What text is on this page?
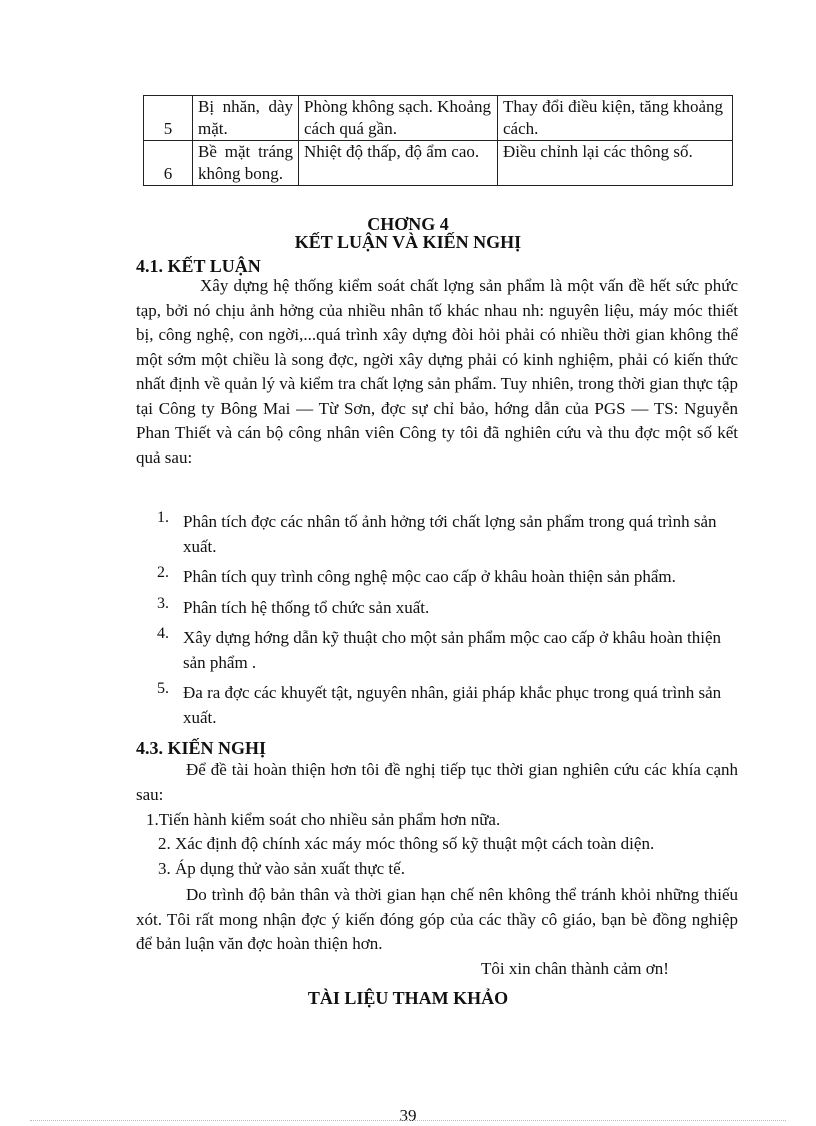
5	Bị nhăn, dày mặt.	Phòng không sạch. Khoảng cách quá gần.	Thay đổi điều kiện, tăng khoảng cách.
6	Bề mặt tráng không bong.	Nhiệt độ thấp, độ ẩm cao.	Điều chỉnh lại các thông số.
CHƠNG 4
KẾT LUẬN VÀ KIẾN NGHỊ
4.1. KẾT LUẬN

Xây dựng hệ thống kiểm soát chất lợng sản phẩm là một vấn đề hết sức phức tạp, bởi nó chịu ảnh hởng của nhiều nhân tố khác nhau nh: nguyên liệu, máy móc thiết bị, công nghệ, con ngời,...quá trình xây dựng đòi hỏi phải có nhiều thời gian không thể một sớm một chiều là song đợc, ngời xây dựng phải có kinh nghiệm, phải có kiến thức nhất định về quản lý và kiểm tra chất lợng sản phẩm. Tuy nhiên, trong thời gian thực tập tại Công ty Bông Mai — Từ Sơn, đợc sự chỉ bảo, hớng dẫn của PGS — TS: Nguyễn Phan Thiết và cán bộ công nhân viên Công ty tôi đã nghiên cứu và thu đợc một số kết quả sau:

1. Phân tích đợc các nhân tố ảnh hởng tới chất lợng sản phẩm trong quá trình sản xuất.
2. Phân tích quy trình công nghệ mộc cao cấp ở khâu hoàn thiện sản phẩm.
3. Phân tích hệ thống tổ chức sản xuất.
4. Xây dựng hớng dẫn kỹ thuật cho một sản phẩm mộc cao cấp ở khâu hoàn thiện sản phẩm .
5. Đa ra đợc các khuyết tật, nguyên nhân, giải pháp khắc phục trong quá trình sản xuất.
4.3. KIẾN NGHỊ

Để đề tài hoàn thiện hơn tôi đề nghị tiếp tục thời gian nghiên cứu các khía cạnh sau:

1.Tiến hành kiểm soát cho nhiều sản phẩm hơn nữa.
2. Xác định độ chính xác máy móc thông số kỹ thuật một cách toàn diện.
3. Áp dụng thử vào sản xuất thực tế.

Do trình độ bản thân và thời gian hạn chế nên không thể tránh khỏi những thiếu xót. Tôi rất mong nhận đợc ý kiến đóng góp của các thầy cô giáo, bạn bè đồng nghiệp để bản luận văn đợc hoàn thiện hơn.

Tôi xin chân thành cảm ơn!
TÀI LIỆU THAM KHẢO
39
